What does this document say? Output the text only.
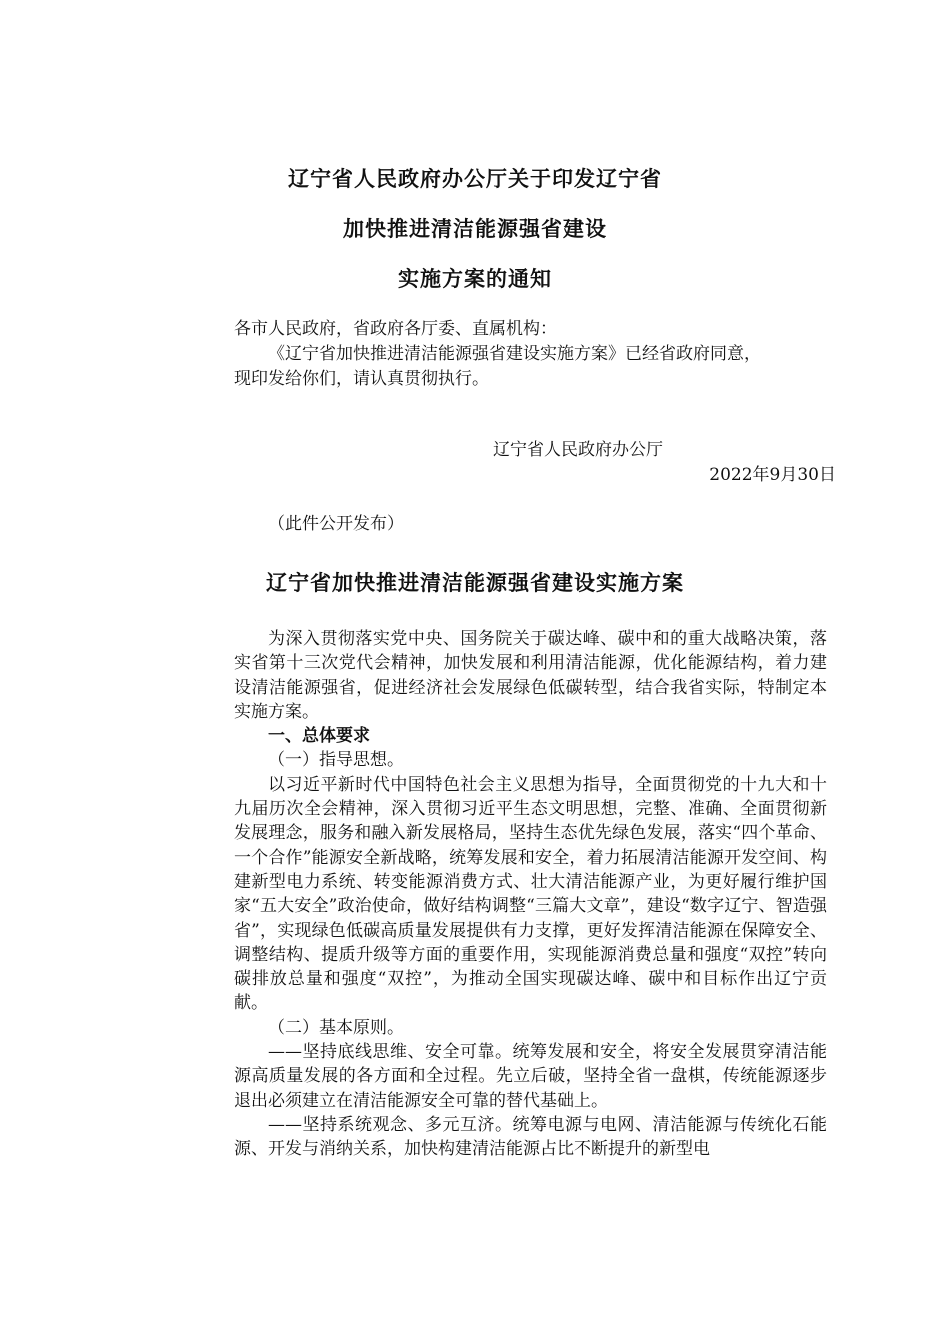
辽宁省人民政府办公厅关于印发辽宁省
加快推进清洁能源强省建设
实施方案的通知
各市人民政府，省政府各厅委、直属机构：
《辽宁省加快推进清洁能源强省建设实施方案》已经省政府同意，
现印发给你们，请认真贯彻执行。
辽宁省人民政府办公厅
2022年9月30日
（此件公开发布）
辽宁省加快推进清洁能源强省建设实施方案

为深入贯彻落实党中央、国务院关于碳达峰、碳中和的重大战略决策，落实省第十三次党代会精神，加快发展和利用清洁能源，优化能源结构，着力建设清洁能源强省，促进经济社会发展绿色低碳转型，结合我省实际，特制定本实施方案。

一、总体要求

（一）指导思想。

以习近平新时代中国特色社会主义思想为指导，全面贯彻党的十九大和十九届历次全会精神，深入贯彻习近平生态文明思想，完整、准确、全面贯彻新发展理念，服务和融入新发展格局，坚持生态优先绿色发展，落实“四个革命、一个合作”能源安全新战略，统筹发展和安全，着力拓展清洁能源开发空间、构建新型电力系统、转变能源消费方式、壮大清洁能源产业，为更好履行维护国家“五大安全”政治使命，做好结构调整“三篇大文章”，建设“数字辽宁、智造强省”，实现绿色低碳高质量发展提供有力支撑，更好发挥清洁能源在保障安全、调整结构、提质升级等方面的重要作用，实现能源消费总量和强度“双控”转向碳排放总量和强度“双控”，为推动全国实现碳达峰、碳中和目标作出辽宁贡献。

（二）基本原则。

——坚持底线思维、安全可靠。统筹发展和安全，将安全发展贯穿清洁能源高质量发展的各方面和全过程。先立后破，坚持全省一盘棋，传统能源逐步退出必须建立在清洁能源安全可靠的替代基础上。

——坚持系统观念、多元互济。统筹电源与电网、清洁能源与传统化石能源、开发与消纳关系，加快构建清洁能源占比不断提升的新型电
